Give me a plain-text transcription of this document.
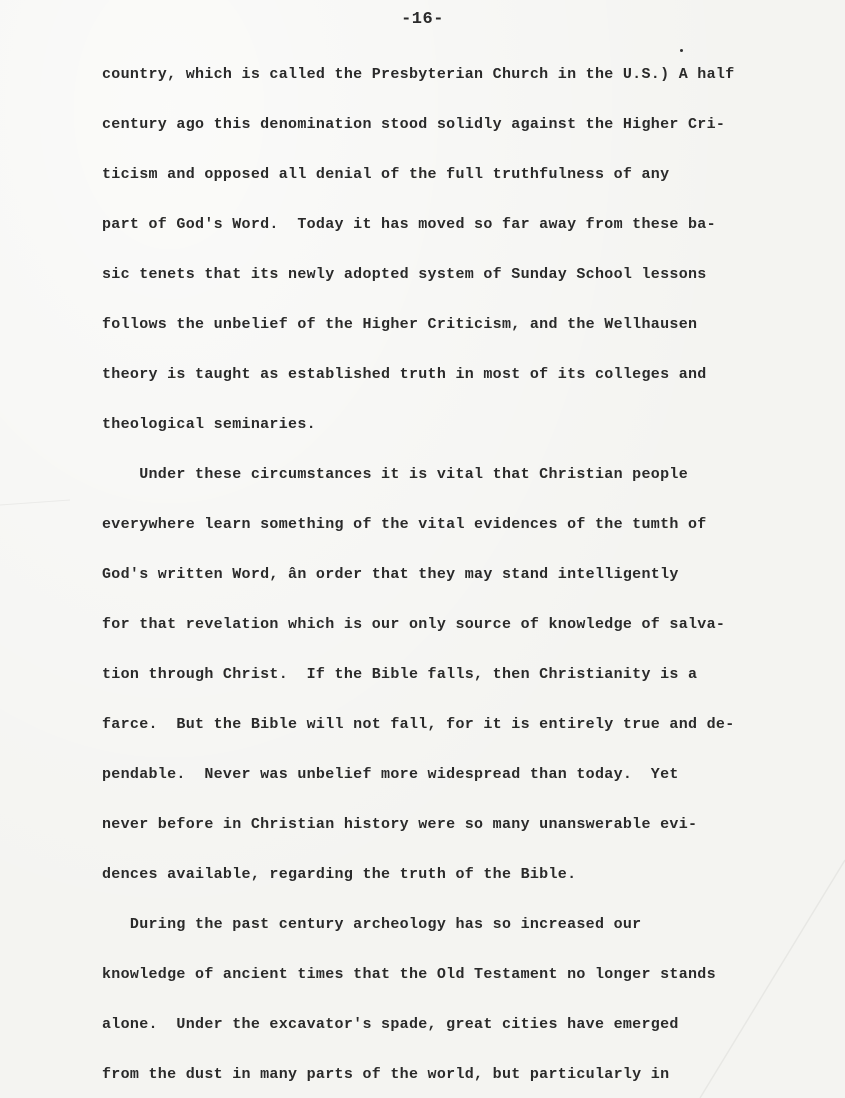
-16-
country, which is called the Presbyterian Church in the U.S.) A half
century ago this denomination stood solidly against the Higher Cri-
ticism and opposed all denial of the full truthfulness of any
part of God's Word.  Today it has moved so far away from these ba-
sic tenets that its newly adopted system of Sunday School lessons
follows the unbelief of the Higher Criticism, and the Wellhausen
theory is taught as established truth in most of its colleges and
theological seminaries.
Under these circumstances it is vital that Christian people
everywhere learn something of the vital evidences of the tumth of
God's written Word, ân order that they may stand intelligently
for that revelation which is our only source of knowledge of salva-
tion through Christ.  If the Bible falls, then Christianity is a
farce.  But the Bible will not fall, for it is entirely true and de-
pendable.  Never was unbelief more widespread than today.  Yet
never before in Christian history were so many unanswerable evi-
dences available, regarding the truth of the Bible.
During the past century archeology has so increased our
knowledge of ancient times that the Old Testament no longer stands
alone.  Under the excavator's spade, great cities have emerged
from the dust in many parts of the world, but particularly in
